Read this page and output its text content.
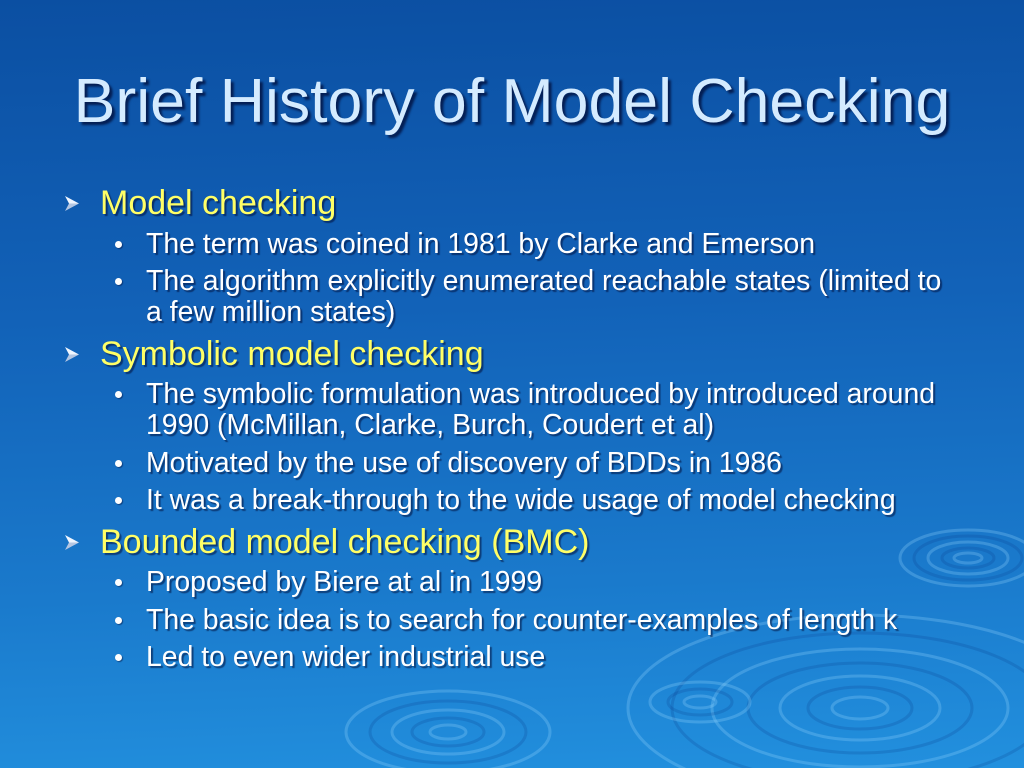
Brief History of Model Checking
Model checking
The term was coined in 1981 by Clarke and Emerson
The algorithm explicitly enumerated reachable states (limited to a few million states)
Symbolic model checking
The symbolic formulation was introduced by introduced around 1990 (McMillan, Clarke, Burch, Coudert et al)
Motivated by the use of discovery of BDDs in 1986
It was a break-through to the wide usage of model checking
Bounded model checking (BMC)
Proposed by Biere at al in 1999
The basic idea is to search for counter-examples of length k
Led to even wider industrial use
